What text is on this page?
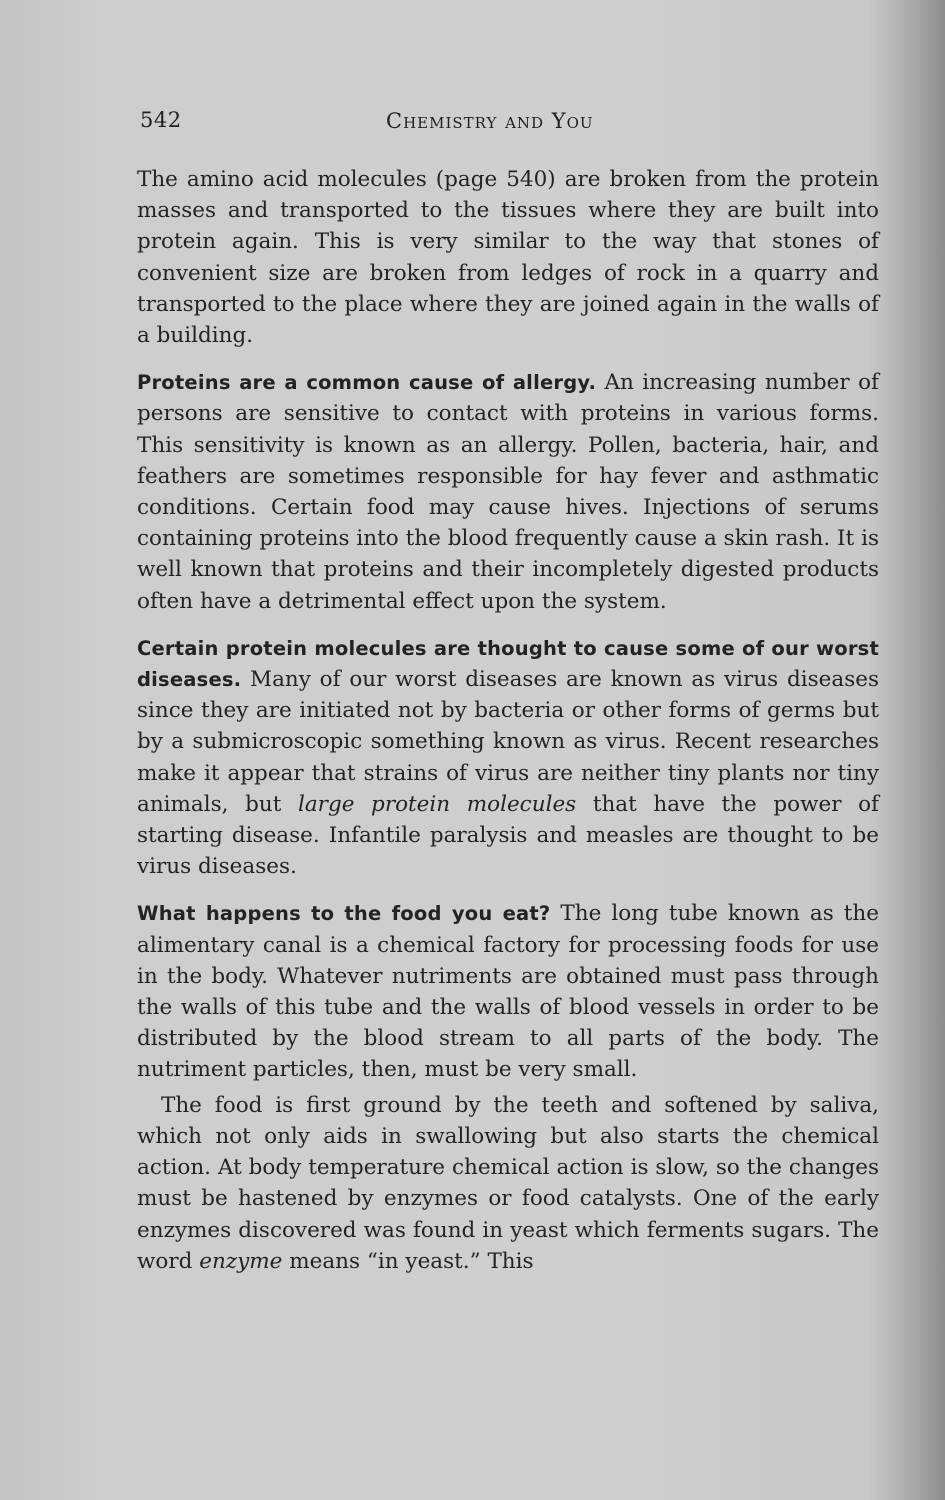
542	Chemistry and You

The amino acid molecules (page 540) are broken from the protein masses and transported to the tissues where they are built into protein again. This is very similar to the way that stones of convenient size are broken from ledges of rock in a quarry and transported to the place where they are joined again in the walls of a building.

Proteins are a common cause of allergy. An increasing number of persons are sensitive to contact with proteins in various forms. This sensitivity is known as an allergy. Pollen, bacteria, hair, and feathers are sometimes responsible for hay fever and asthmatic conditions. Certain food may cause hives. Injections of serums containing proteins into the blood frequently cause a skin rash. It is well known that proteins and their incompletely digested products often have a detrimental effect upon the system.

Certain protein molecules are thought to cause some of our worst diseases. Many of our worst diseases are known as virus diseases since they are initiated not by bacteria or other forms of germs but by a submicroscopic something known as virus. Recent researches make it appear that strains of virus are neither tiny plants nor tiny animals, but large protein molecules that have the power of starting disease. Infantile paralysis and measles are thought to be virus diseases.

What happens to the food you eat? The long tube known as the alimentary canal is a chemical factory for processing foods for use in the body. Whatever nutriments are obtained must pass through the walls of this tube and the walls of blood vessels in order to be distributed by the blood stream to all parts of the body. The nutriment particles, then, must be very small.

The food is first ground by the teeth and softened by saliva, which not only aids in swallowing but also starts the chemical action. At body temperature chemical action is slow, so the changes must be hastened by enzymes or food catalysts. One of the early enzymes discovered was found in yeast which ferments sugars. The word enzyme means “in yeast.” This
